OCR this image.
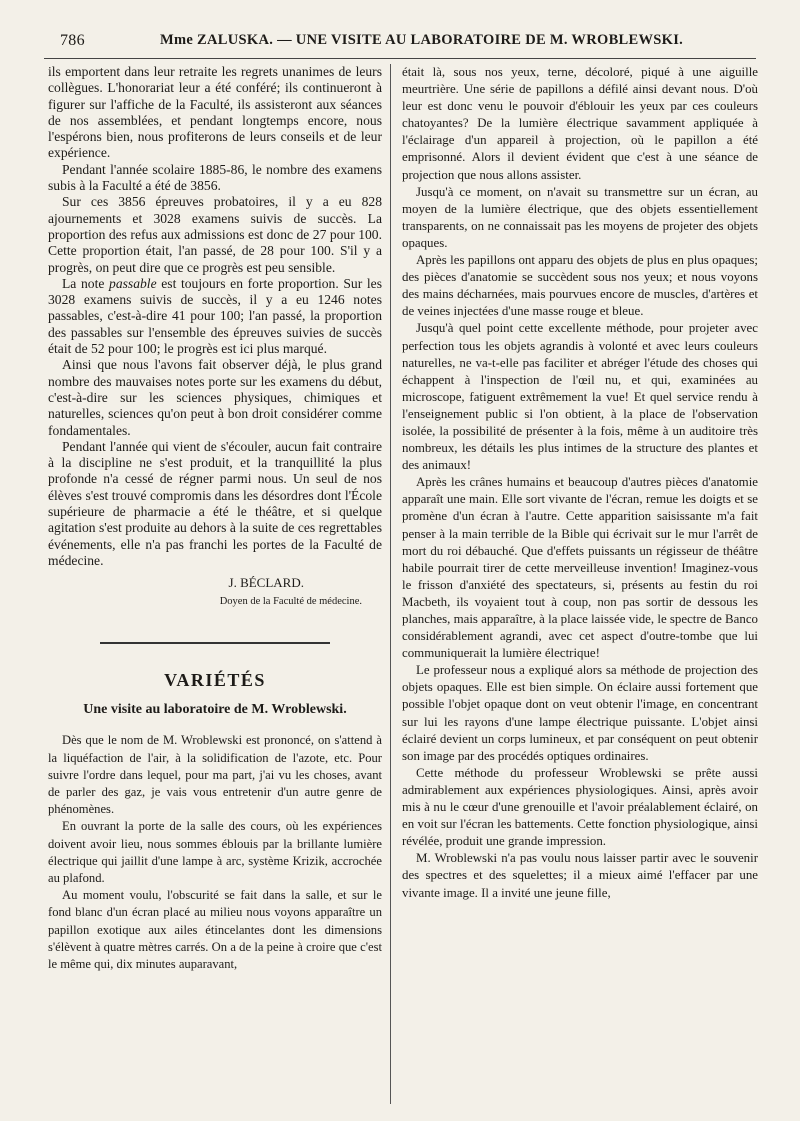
786	Mme ZALUSKA. — UNE VISITE AU LABORATOIRE DE M. WROBLEWSKI.

ils emportent dans leur retraite les regrets unanimes de leurs collègues. L'honorariat leur a été conféré; ils continueront à figurer sur l'affiche de la Faculté, ils assisteront aux séances de nos assemblées, et pendant longtemps encore, nous l'espérons bien, nous profiterons de leurs conseils et de leur expérience.

Pendant l'année scolaire 1885-86, le nombre des examens subis à la Faculté a été de 3856.

Sur ces 3856 épreuves probatoires, il y a eu 828 ajournements et 3028 examens suivis de succès. La proportion des refus aux admissions est donc de 27 pour 100. Cette proportion était, l'an passé, de 28 pour 100. S'il y a progrès, on peut dire que ce progrès est peu sensible.

La note passable est toujours en forte proportion. Sur les 3028 examens suivis de succès, il y a eu 1246 notes passables, c'est-à-dire 41 pour 100; l'an passé, la proportion des passables sur l'ensemble des épreuves suivies de succès était de 52 pour 100; le progrès est ici plus marqué.

Ainsi que nous l'avons fait observer déjà, le plus grand nombre des mauvaises notes porte sur les examens du début, c'est-à-dire sur les sciences physiques, chimiques et naturelles, sciences qu'on peut à bon droit considérer comme fondamentales.

Pendant l'année qui vient de s'écouler, aucun fait contraire à la discipline ne s'est produit, et la tranquillité la plus profonde n'a cessé de régner parmi nous. Un seul de nos élèves s'est trouvé compromis dans les désordres dont l'École supérieure de pharmacie a été le théâtre, et si quelque agitation s'est produite au dehors à la suite de ces regrettables événements, elle n'a pas franchi les portes de la Faculté de médecine.

J. BÉCLARD.
Doyen de la Faculté de médecine.
VARIÉTÉS
Une visite au laboratoire de M. Wroblewski.

Dès que le nom de M. Wroblewski est prononcé, on s'attend à la liquéfaction de l'air, à la solidification de l'azote, etc. Pour suivre l'ordre dans lequel, pour ma part, j'ai vu les choses, avant de parler des gaz, je vais vous entretenir d'un autre genre de phénomènes.

En ouvrant la porte de la salle des cours, où les expériences doivent avoir lieu, nous sommes éblouis par la brillante lumière électrique qui jaillit d'une lampe à arc, système Krizik, accrochée au plafond.

Au moment voulu, l'obscurité se fait dans la salle, et sur le fond blanc d'un écran placé au milieu nous voyons apparaître un papillon exotique aux ailes étincelantes dont les dimensions s'élèvent à quatre mètres carrés. On a de la peine à croire que c'est le même qui, dix minutes auparavant,

était là, sous nos yeux, terne, décoloré, piqué à une aiguille meurtrière. Une série de papillons a défilé ainsi devant nous. D'où leur est donc venu le pouvoir d'éblouir les yeux par ces couleurs chatoyantes? De la lumière électrique savamment appliquée à l'éclairage d'un appareil à projection, où le papillon a été emprisonné. Alors il devient évident que c'est à une séance de projection que nous allons assister.

Jusqu'à ce moment, on n'avait su transmettre sur un écran, au moyen de la lumière électrique, que des objets essentiellement transparents, on ne connaissait pas les moyens de projeter des objets opaques.

Après les papillons ont apparu des objets de plus en plus opaques; des pièces d'anatomie se succèdent sous nos yeux; et nous voyons des mains décharnées, mais pourvues encore de muscles, d'artères et de veines injectées d'une masse rouge et bleue.

Jusqu'à quel point cette excellente méthode, pour projeter avec perfection tous les objets agrandis à volonté et avec leurs couleurs naturelles, ne va-t-elle pas faciliter et abréger l'étude des choses qui échappent à l'inspection de l'œil nu, et qui, examinées au microscope, fatiguent extrêmement la vue! Et quel service rendu à l'enseignement public si l'on obtient, à la place de l'observation isolée, la possibilité de présenter à la fois, même à un auditoire très nombreux, les détails les plus intimes de la structure des plantes et des animaux!

Après les crânes humains et beaucoup d'autres pièces d'anatomie apparaît une main. Elle sort vivante de l'écran, remue les doigts et se promène d'un écran à l'autre. Cette apparition saisissante m'a fait penser à la main terrible de la Bible qui écrivait sur le mur l'arrêt de mort du roi débauché. Que d'effets puissants un régisseur de théâtre habile pourrait tirer de cette merveilleuse invention! Imaginez-vous le frisson d'anxiété des spectateurs, si, présents au festin du roi Macbeth, ils voyaient tout à coup, non pas sortir de dessous les planches, mais apparaître, à la place laissée vide, le spectre de Banco considérablement agrandi, avec cet aspect d'outre-tombe que lui communiquerait la lumière électrique!

Le professeur nous a expliqué alors sa méthode de projection des objets opaques. Elle est bien simple. On éclaire aussi fortement que possible l'objet opaque dont on veut obtenir l'image, en concentrant sur lui les rayons d'une lampe électrique puissante. L'objet ainsi éclairé devient un corps lumineux, et par conséquent on peut obtenir son image par des procédés optiques ordinaires.

Cette méthode du professeur Wroblewski se prête aussi admirablement aux expériences physiologiques. Ainsi, après avoir mis à nu le cœur d'une grenouille et l'avoir préalablement éclairé, on en voit sur l'écran les battements. Cette fonction physiologique, ainsi révélée, produit une grande impression.

M. Wroblewski n'a pas voulu nous laisser partir avec le souvenir des spectres et des squelettes; il a mieux aimé l'effacer par une vivante image. Il a invité une jeune fille,
